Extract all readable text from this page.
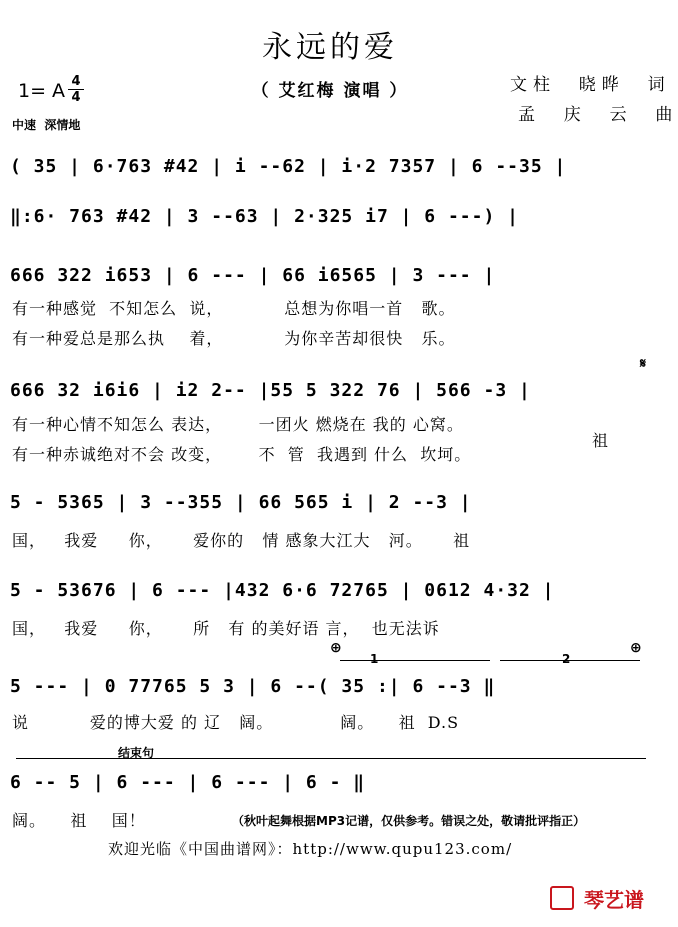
永远的爱
（ 艾红梅 演唱 ）	文柱  晓晔  词
孟  庆  云  曲
1= A 4
4
中速  深情地
( 35 | 6·763 #42 | i --62 | i·2 7357 | 6 --35 |
‖:6· 763 #42 | 3 --63 | 2·325 i7 | 6 ---) |
666 322 i653 | 6 --- | 66 i6565 | 3 --- |
有一种感觉  不知怎么  说，          总想为你唱一首   歌。
有一种爱总是那么执    着，          为你辛苦却很快   乐。
666 32 i6i6 | i2 2-- |55 5 322 76 | 566 -3 |
有一种心情不知怎么 表达，      一团火 燃烧在 我的 心窝。
有一种赤诚绝对不会 改变，      不  管  我遇到 什么  坎坷。
祖
𝄋
5 - 5365 | 3 --355 | 66 565 i | 2 --3 |
国，   我爱     你，     爱你的   情 感象大江大   河。     祖
5 - 53676 | 6 --- |432 6·6 72765 | 0612 4·32 |
国，   我爱     你，     所   有 的美好语 言，  也无法诉
⊕	⊕
1	2
5 --- | 0 77765 5 3 | 6 --( 35 :| 6 --3 ‖
说          爱的博大爱 的 辽   阔。           阔。    祖  D.S
结束句
6 -- 5 | 6 --- | 6 --- | 6 - ‖
阔。    祖    国！	（秋叶起舞根据MP3记谱，仅供参考。错误之处，敬请批评指正）
欢迎光临《中国曲谱网》：http://www.qupu123.com/
琴艺谱
